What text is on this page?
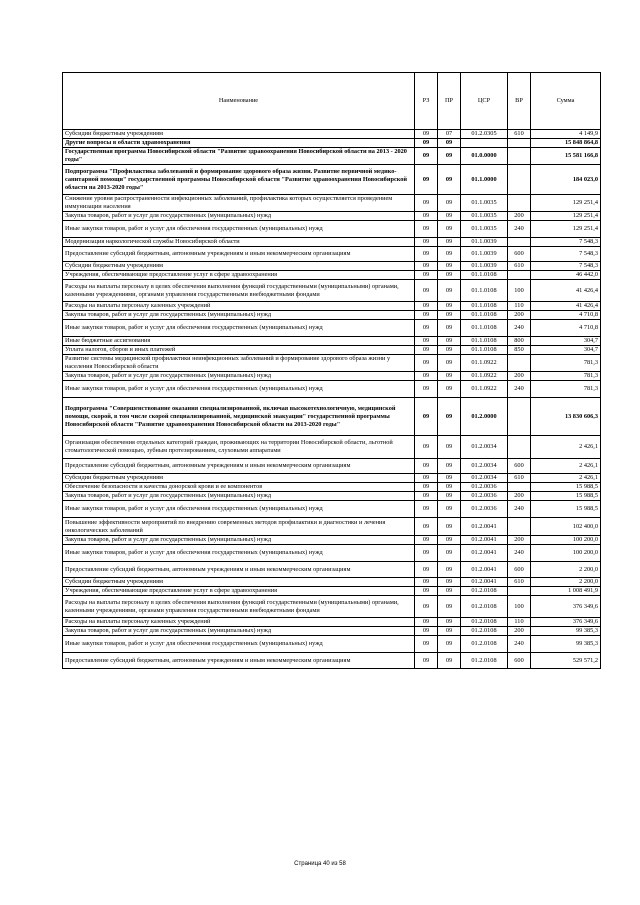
Наименование	РЗ	ПР	ЦСР	ВР	Сумма
Субсидии бюджетным учреждениям	09	07	01.2.0305	610	4 149,9
Другие вопросы в области здравоохранения	09	09			15 848 864,8
Государственная программа Новосибирской области "Развитие здравоохранения Новосибирской области на 2013 - 2020 годы"	09	09	01.0.0000		15 581 166,8
Подпрограмма "Профилактика заболеваний и формирование здорового образа жизни. Развитие первичной медико-санитарной помощи" государственной программы Новосибирской области "Развитие здравоохранения Новосибирской области на 2013-2020 годы"	09	09	01.1.0000		184 023,0
Снижение уровня распространенности инфекционных заболеваний, профилактика которых осуществляется проведением иммунизации населения	09	09	01.1.0035		129 251,4
Закупка товаров, работ и услуг для государственных (муниципальных) нужд	09	09	01.1.0035	200	129 251,4
Иные закупки товаров, работ и услуг для обеспечения государственных (муниципальных) нужд	09	09	01.1.0035	240	129 251,4
Модернизация наркологической службы Новосибирской области	09	09	01.1.0039		7 548,3
Предоставление субсидий бюджетным, автономным учреждениям и иным некоммерческим организациям	09	09	01.1.0039	600	7 548,3
Субсидии бюджетным учреждениям	09	09	01.1.0039	610	7 548,3
Учреждения, обеспечивающие предоставление услуг в сфере здравоохранения	09	09	01.1.0108		46 442,0
Расходы на выплаты персоналу в целях обеспечения выполнения функций государственными (муниципальными) органами, казенными учреждениями, органами управления государственными внебюджетными фондами	09	09	01.1.0108	100	41 426,4
Расходы на выплаты персоналу казенных учреждений	09	09	01.1.0108	110	41 426,4
Закупка товаров, работ и услуг для государственных (муниципальных) нужд	09	09	01.1.0108	200	4 710,8
Иные закупки товаров, работ и услуг для обеспечения государственных (муниципальных) нужд	09	09	01.1.0108	240	4 710,8
Иные бюджетные ассигнования	09	09	01.1.0108	800	304,7
Уплата налогов, сборов и иных платежей	09	09	01.1.0108	850	304,7
Развитие системы медицинской профилактики неинфекционных заболеваний и формирование здорового образа жизни у населения Новосибирской области	09	09	01.1.0922		781,3
Закупка товаров, работ и услуг для государственных (муниципальных) нужд	09	09	01.1.0922	200	781,3
Иные закупки товаров, работ и услуг для обеспечения государственных (муниципальных) нужд	09	09	01.1.0922	240	781,3
Подпрограмма "Совершенствование оказания специализированной, включая высокотехнологичную, медицинской помощи, скорой, в том числе скорой специализированной, медицинской эвакуации" государственной программы Новосибирской области "Развитие здравоохранения Новосибирской области на 2013-2020 годы"	09	09	01.2.0000		13 830 606,3
Организация обеспечения отдельных категорий граждан, проживающих на территории Новосибирской области, льготной стоматологической помощью, зубным протезированием, слуховыми аппаратами	09	09	01.2.0034		2 426,1
Предоставление субсидий бюджетным, автономным учреждениям и иным некоммерческим организациям	09	09	01.2.0034	600	2 426,1
Субсидии бюджетным учреждениям	09	09	01.2.0034	610	2 426,1
Обеспечение безопасности и качества донорской крови и ее компонентов	09	09	01.2.0036		15 988,5
Закупка товаров, работ и услуг для государственных (муниципальных) нужд	09	09	01.2.0036	200	15 988,5
Иные закупки товаров, работ и услуг для обеспечения государственных (муниципальных) нужд	09	09	01.2.0036	240	15 988,5
Повышение эффективности мероприятий по внедрению современных методов профилактики и диагностики и лечения онкологических заболеваний	09	09	01.2.0041		102 400,0
Закупка товаров, работ и услуг для государственных (муниципальных) нужд	09	09	01.2.0041	200	100 200,0
Иные закупки товаров, работ и услуг для обеспечения государственных (муниципальных) нужд	09	09	01.2.0041	240	100 200,0
Предоставление субсидий бюджетным, автономным учреждениям и иным некоммерческим организациям	09	09	01.2.0041	600	2 200,0
Субсидии бюджетным учреждениям	09	09	01.2.0041	610	2 200,0
Учреждения, обеспечивающие предоставление услуг в сфере здравоохранения	09	09	01.2.0108		1 008 491,9
Расходы на выплаты персоналу в целях обеспечения выполнения функций государственными (муниципальными) органами, казенными учреждениями, органами управления государственными внебюджетными фондами	09	09	01.2.0108	100	376 349,6
Расходы на выплаты персоналу казенных учреждений	09	09	01.2.0108	110	376 349,6
Закупка товаров, работ и услуг для государственных (муниципальных) нужд	09	09	01.2.0108	200	99 385,3
Иные закупки товаров, работ и услуг для обеспечения государственных (муниципальных) нужд	09	09	01.2.0108	240	99 385,3
Предоставление субсидий бюджетным, автономным учреждениям и иным некоммерческим организациям	09	09	01.2.0108	600	529 571,2
Страница 40 из 58
